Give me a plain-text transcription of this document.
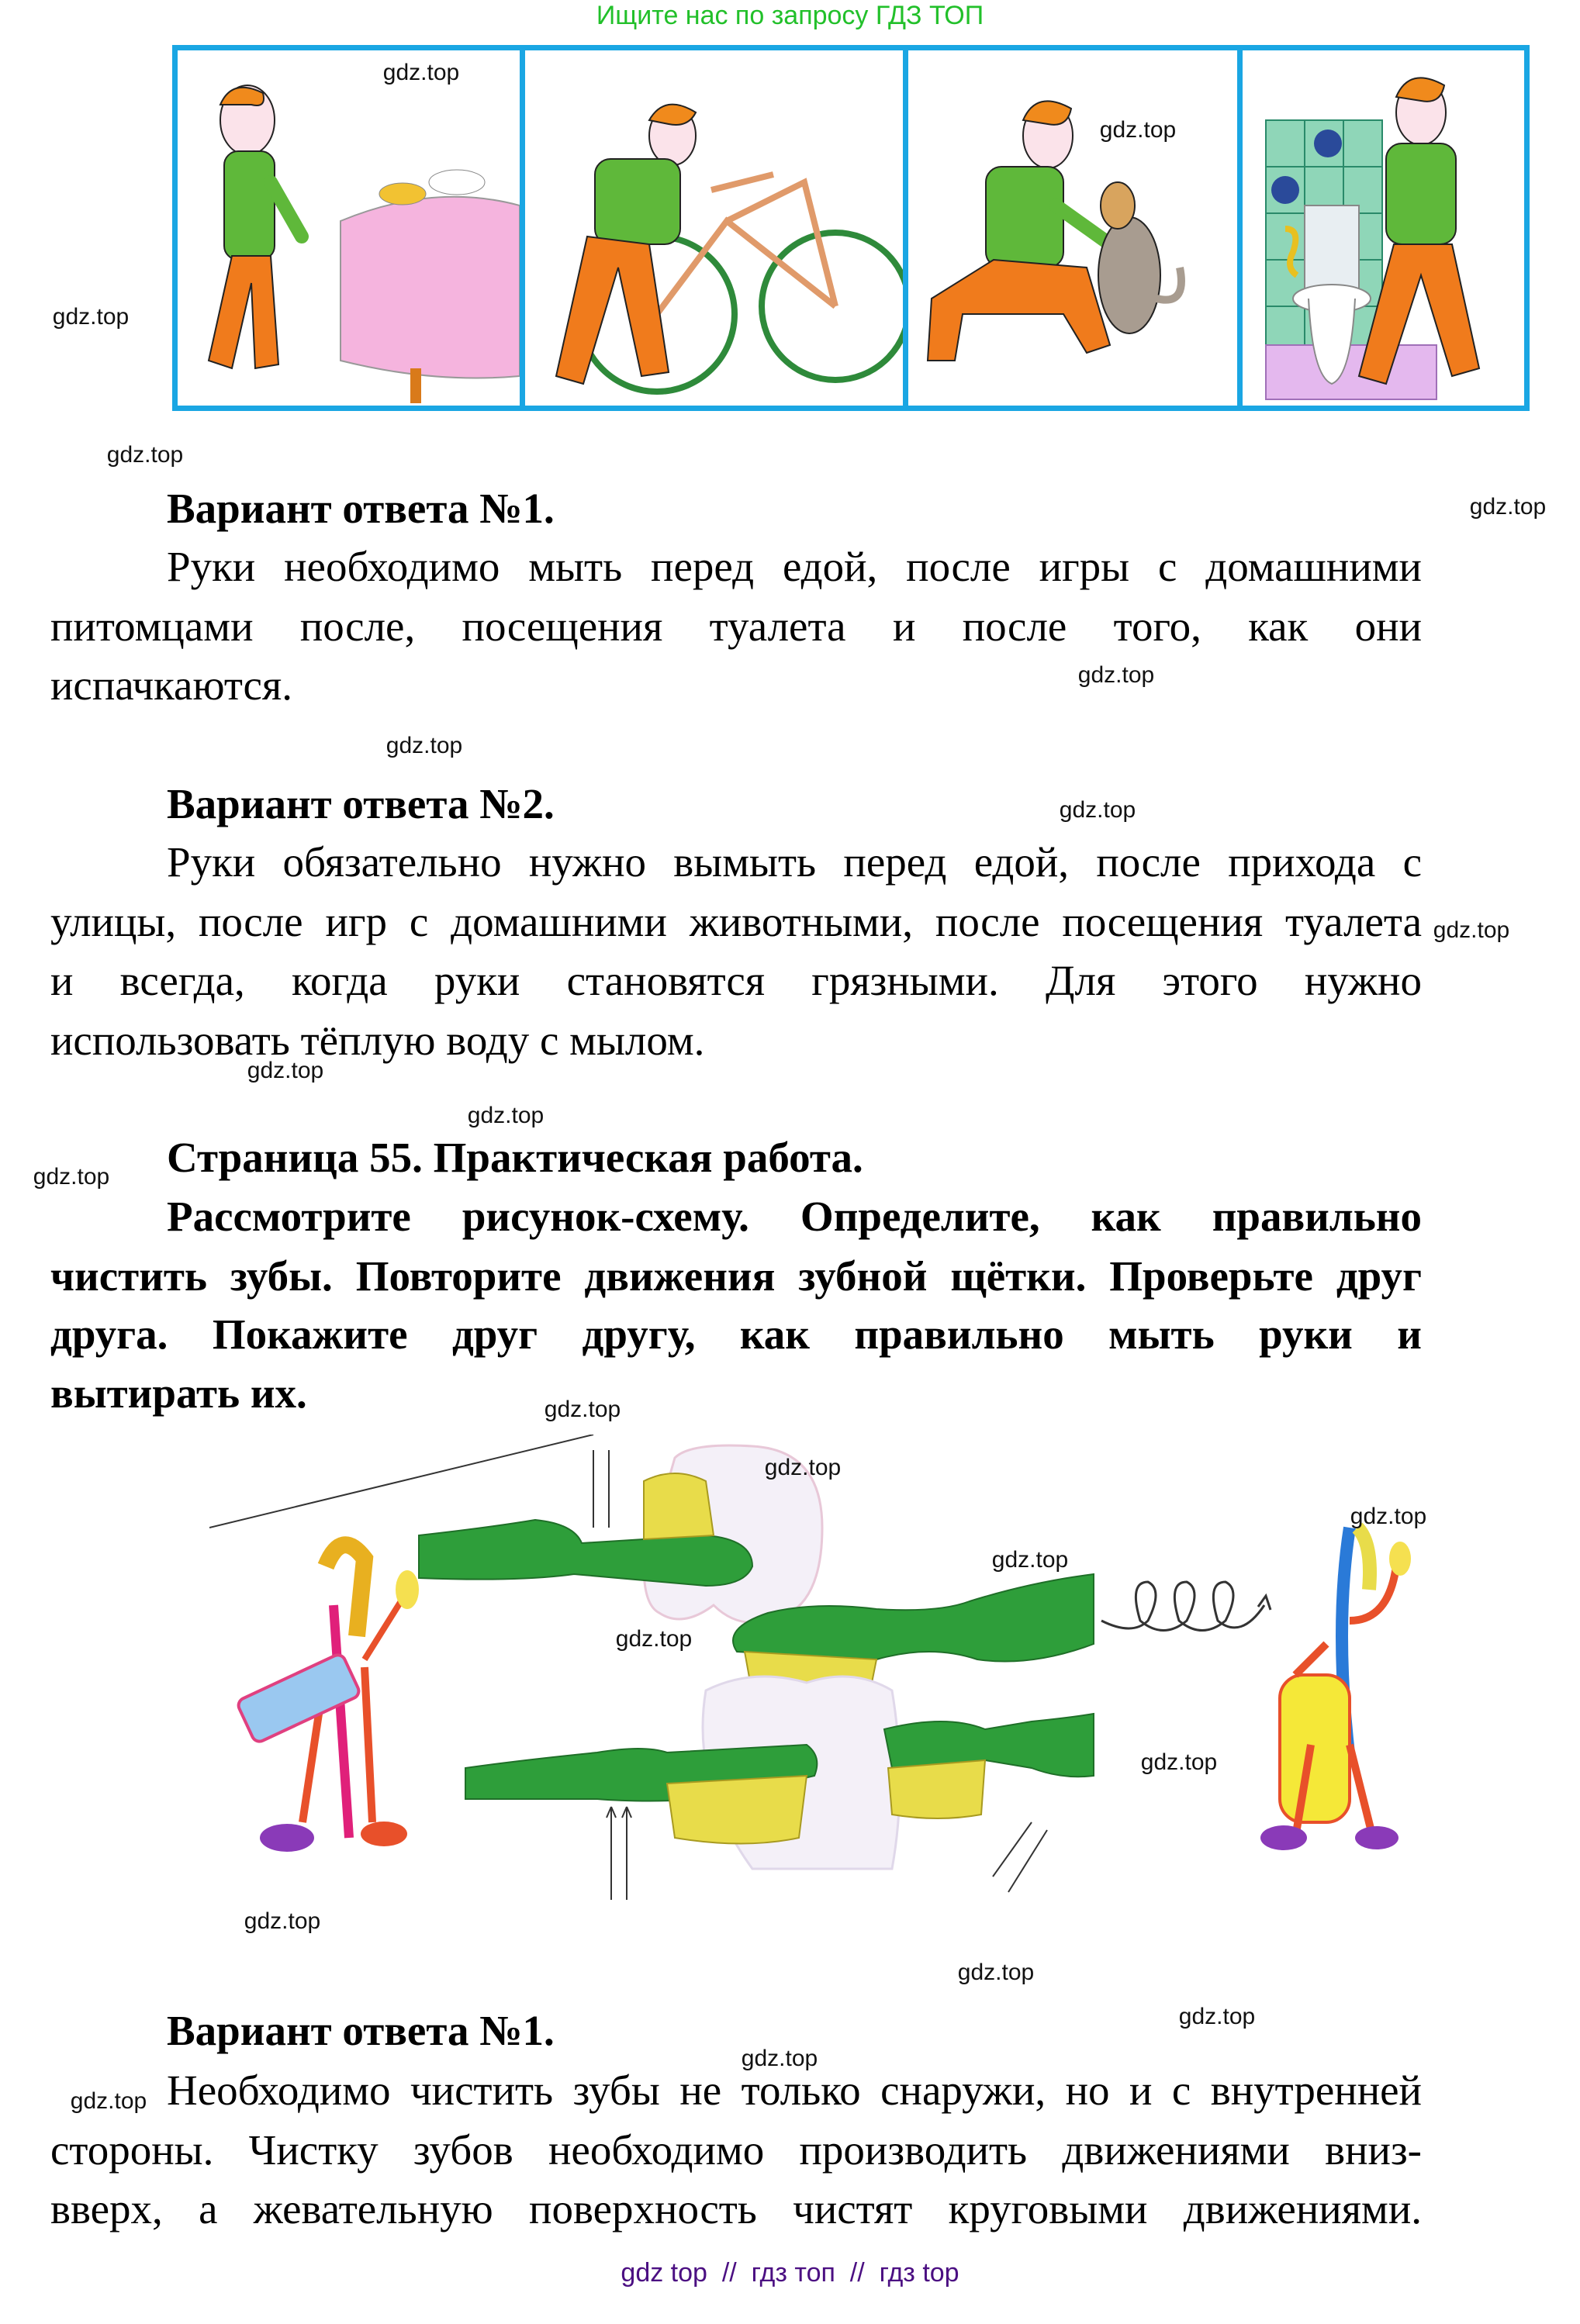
Ищите нас по запросу ГДЗ ТОП
Вариант ответа №1.
Руки необходимо мыть перед едой, после игры с домашними
питомцами после, посещения туалета и после того, как они
испачкаются.
Вариант ответа №2.
Руки обязательно нужно вымыть перед едой, после прихода с
улицы, после игр с домашними животными, после посещения туалета
и всегда, когда руки становятся грязными. Для этого нужно
использовать тёплую воду с мылом.
Страница 55. Практическая работа.
Рассмотрите рисунок-схему. Определите, как правильно
чистить зубы. Повторите движения зубной щётки. Проверьте друг
друга. Покажите друг другу, как правильно мыть руки и
вытирать их.
Вариант ответа №1.
Необходимо чистить зубы не только снаружи, но и с внутренней
стороны. Чистку зубов необходимо производить движениями вниз-
вверх, а жевательную поверхность чистят круговыми движениями.
gdz.top
gdz.top
gdz.top
gdz.top
gdz.top
gdz.top
gdz.top
gdz.top
gdz.top
gdz.top
gdz.top
gdz.top
gdz.top
gdz.top
gdz.top
gdz.top
gdz.top
gdz.top
gdz.top
gdz.top
gdz.top
gdz.top
gdz.top
gdz top  //  гдз топ  //  гдз top
